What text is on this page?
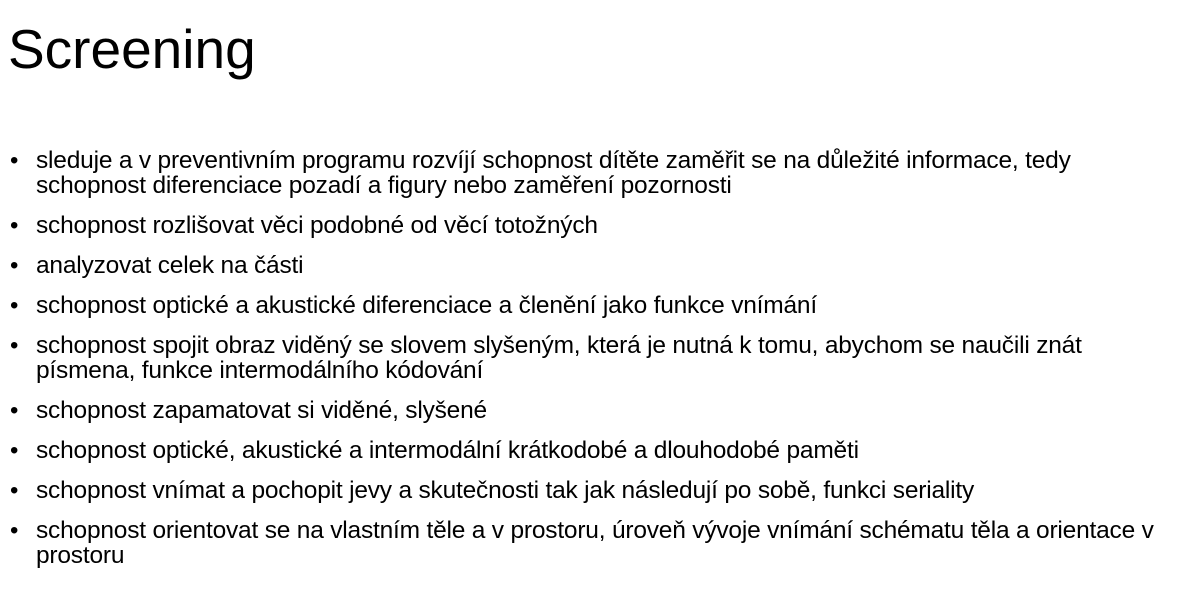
Screening
• sleduje a v preventivním programu rozvíjí schopnost dítěte zaměřit se na důležité informace, tedy schopnost diferenciace pozadí a figury nebo zaměření pozornosti
• schopnost rozlišovat věci podobné od věcí totožných
• analyzovat celek na části
• schopnost optické a akustické diferenciace a členění jako funkce vnímání
• schopnost spojit obraz viděný se slovem slyšeným, která je nutná k tomu, abychom se naučili znát písmena, funkce intermodálního kódování
• schopnost zapamatovat si viděné, slyšené
• schopnost optické, akustické a intermodální krátkodobé a dlouhodobé paměti
• schopnost vnímat a pochopit jevy a skutečnosti tak jak následují po sobě, funkci seriality
• schopnost orientovat se na vlastním těle a v prostoru, úroveň vývoje vnímání schématu těla a orientace v prostoru
